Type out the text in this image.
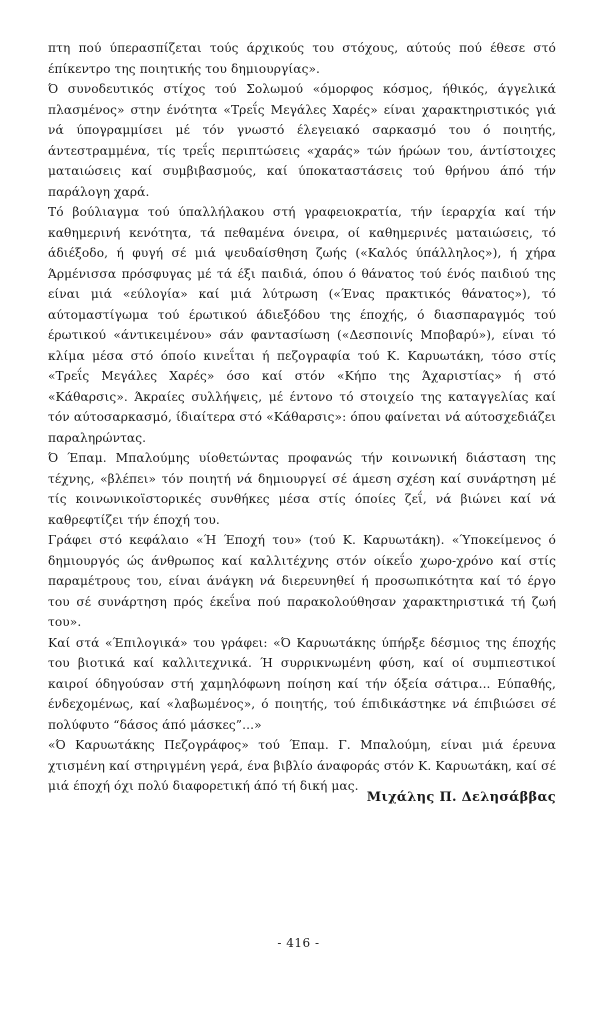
πτη πού ύπερασπίζεται τούς άρχικούς του στόχους, αύτούς πού έθεσε στό έπίκεντρο της ποιητικής του δημιουργίας».

Ό συνοδευτικός στίχος τού Σολωμού «όμορφος κόσμος, ήθικός, άγγελικά πλασμένος» στην ένότητα «Τρεΐς Μεγάλες Χαρές» είναι χαρακτηριστικός γιά νά ύπογραμμίσει μέ τόν γνωστό έλεγειακό σαρκασμό του ό ποιητής, άντεστραμμένα, τίς τρεΐς περιπτώσεις «χαράς» τών ήρώων του, άντίστοιχες ματαιώσεις καί συμβιβασμούς, καί ύποκαταστάσεις τού θρήνου άπό τήν παράλογη χαρά.

Τό βούλιαγμα τού ύπαλλήλακου στή γραφειοκρατία, τήν ίεραρχία καί τήν καθημερινή κενότητα, τά πεθαμένα όνειρα, οί καθημερινές ματαιώσεις, τό άδιέξοδο, ή φυγή σέ μιά ψευδαίσθηση ζωής («Καλός ύπάλληλος»), ή χήρα Άρμένισσα πρόσφυγας μέ τά έξι παιδιά, όπου ό θάνατος τού ένός παιδιού της είναι μιά «εύλογία» καί μιά λύτρωση («Ένας πρακτικός θάνατος»), τό αύτομαστίγωμα τού έρωτικού άδιεξόδου της έποχής, ό διασπαραγμός τού έρωτικού «άντικειμένου» σάν φαντασίωση («Δεσποινίς Μποβαρύ»), είναι τό κλίμα μέσα στό όποίο κινεΐται ή πεζογραφία τού Κ. Καρυωτάκη, τόσο στίς «Τρεΐς Μεγάλες Χαρές» όσο καί στόν «Κήπο της Άχαριστίας» ή στό «Κάθαρσις». Άκραίες συλλήψεις, μέ έντονο τό στοιχείο της καταγγελίας καί τόν αύτοσαρκασμό, ίδιαίτερα στό «Κάθαρσις»: όπου φαίνεται νά αύτοσχεδιάζει παραληρώντας.

Ό Έπαμ. Μπαλούμης υίοθετώντας προφανώς τήν κοινωνική διάσταση της τέχνης, «βλέπει» τόν ποιητή νά δημιουργεί σέ άμεση σχέση καί συνάρτηση μέ τίς κοινωνικοϊστορικές συνθήκες μέσα στίς όποίες ζεΐ, νά βιώνει καί νά καθρεφτίζει τήν έποχή του.

Γράφει στό κεφάλαιο «Ή Έποχή του» (τού Κ. Καρυωτάκη). «Ύποκείμενος ό δημιουργός ώς άνθρωπος καί καλλιτέχνης στόν οίκεΐο χωρο-χρόνο καί στίς παραμέτρους του, είναι άνάγκη νά διερευνηθεί ή προσωπικότητα καί τό έργο του σέ συνάρτηση πρός έκεΐνα πού παρακολούθησαν χαρακτηριστικά τή ζωή του».

Καί στά «Έπιλογικά» του γράφει: «Ό Καρυωτάκης ύπήρξε δέσμιος της έποχής του βιοτικά καί καλλιτεχνικά. Ή συρρικνωμένη φύση, καί οί συμπιεστικοί καιροί όδηγούσαν στή χαμηλόφωνη ποίηση καί τήν όξεία σάτιρα... Εύπαθής, ένδεχομένως, καί «λαβωμένος», ό ποιητής, τού έπιδικάστηκε νά έπιβιώσει σέ πολύφυτο “δάσος άπό μάσκες”...»

«Ό Καρυωτάκης Πεζογράφος» τού Έπαμ. Γ. Μπαλούμη, είναι μιά έρευνα χτισμένη καί στηριγμένη γερά, ένα βιβλίο άναφοράς στόν Κ. Καρυωτάκη, καί σέ μιά έποχή όχι πολύ διαφορετική άπό τή δική μας.

Μιχάλης Π. Δελησάββας
- 416 -
